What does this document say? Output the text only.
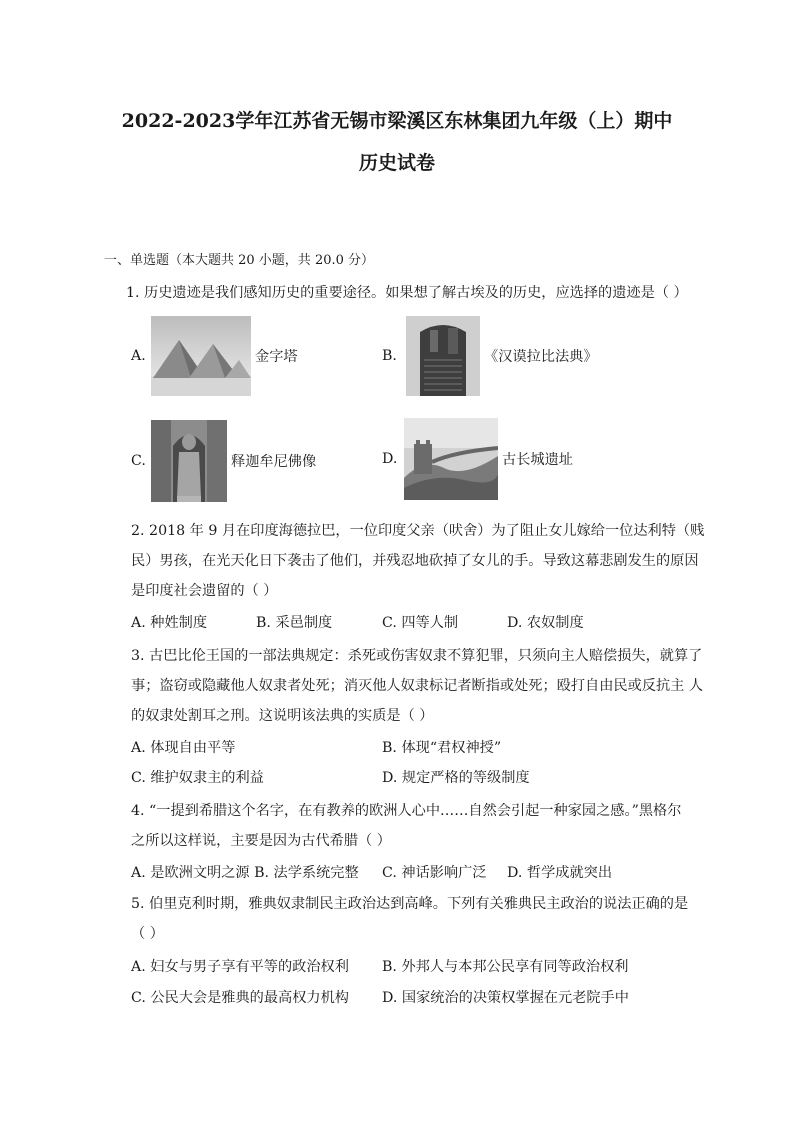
2022-2023学年江苏省无锡市梁溪区东林集团九年级（上）期中
历史试卷
一、单选题（本大题共 20 小题，共 20.0 分）
1. 历史遗迹是我们感知历史的重要途径。如果想了解古埃及的历史，应选择的遗迹是（ ）
A.	金字塔	B.	《汉谟拉比法典》
C.	释迦牟尼佛像	D.	古长城遗址
2. 2018 年 9 月在印度海德拉巴，一位印度父亲（吠舍）为了阻止女儿嫁给一位达利特（贱
民）男孩，在光天化日下袭击了他们，并残忍地砍掉了女儿的手。导致这幕悲剧发生的原因
是印度社会遗留的（ ）
A. 种姓制度	B. 采邑制度	C. 四等人制	D. 农奴制度
3. 古巴比伦王国的一部法典规定：杀死或伤害奴隶不算犯罪，只须向主人赔偿损失，就算了
事；盗窃或隐藏他人奴隶者处死；消灭他人奴隶标记者断指或处死；殴打自由民或反抗主 人
的奴隶处割耳之刑。这说明该法典的实质是（ ）
A. 体现自由平等	B. 体现“君权神授”
C. 维护奴隶主的利益	D. 规定严格的等级制度
4. “一提到希腊这个名字，在有教养的欧洲人心中……自然会引起一种家园之感。”黑格尔
之所以这样说，主要是因为古代希腊（ ）
A. 是欧洲文明之源 B. 法学系统完整 C. 神话影响广泛 D. 哲学成就突出
5. 伯里克利时期，雅典奴隶制民主政治达到高峰。下列有关雅典民主政治的说法正确的是
（ ）
A. 妇女与男子享有平等的政治权利 B. 外邦人与本邦公民享有同等政治权利
C. 公民大会是雅典的最高权力机构 D. 国家统治的决策权掌握在元老院手中
